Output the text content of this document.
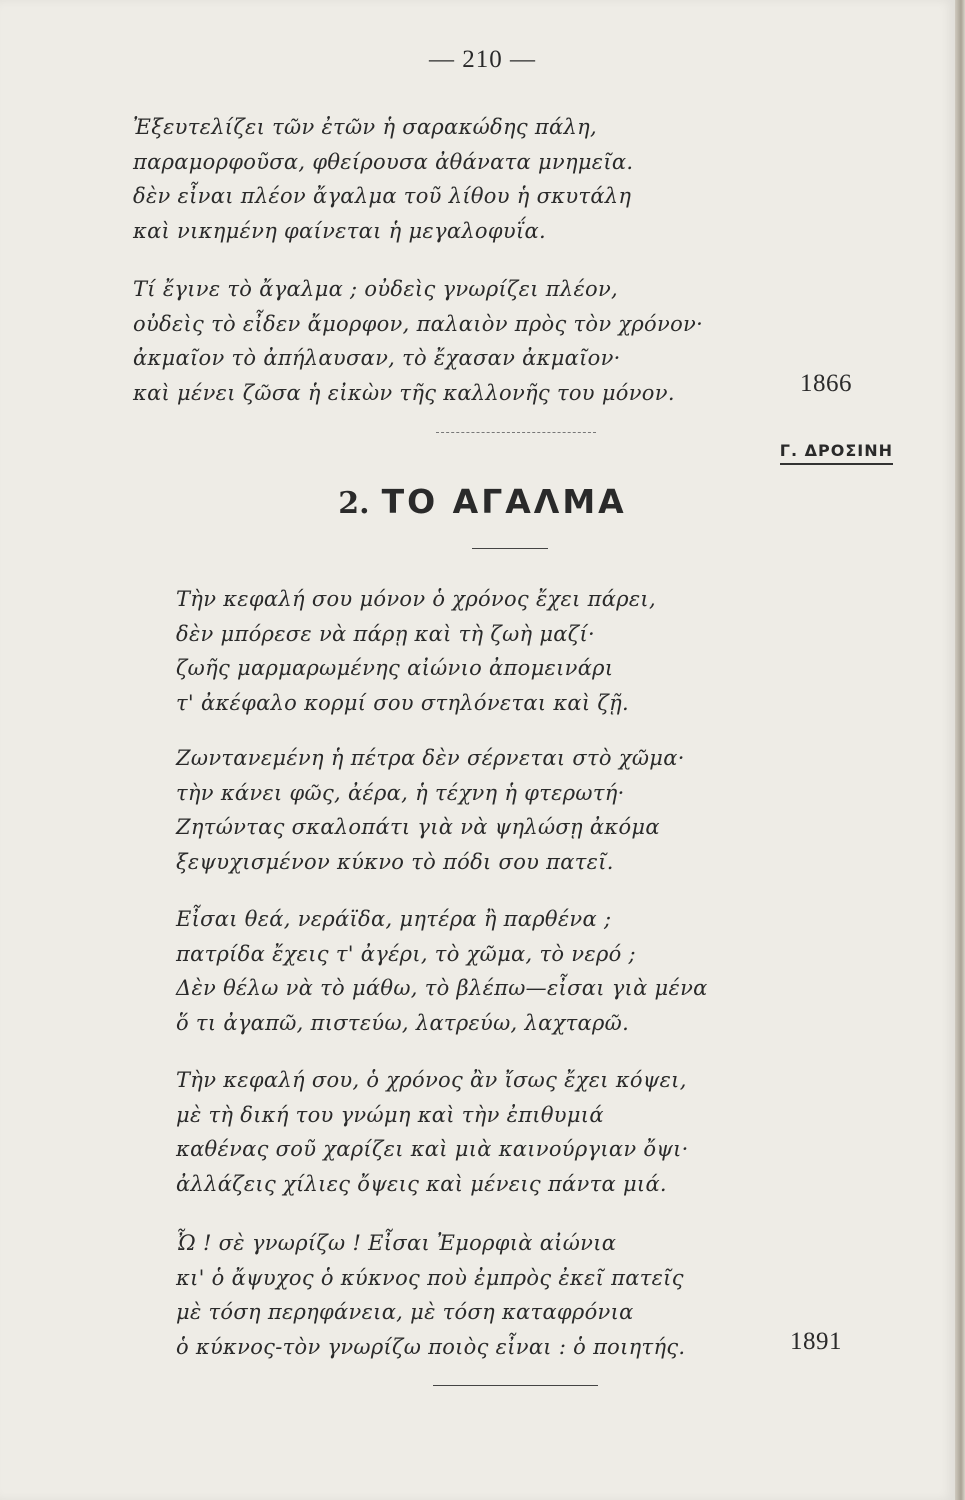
— 210 —
Ἐξευτελίζει τῶν ἐτῶν ἡ σαρακώδης πάλη,
παραμορφοῦσα, φθείρουσα ἀθάνατα μνημεῖα.
δὲν εἶναι πλέον ἄγαλμα τοῦ λίθου ἡ σκυτάλη
καὶ νικημένη φαίνεται ἡ μεγαλοφυΐα.
Τί ἔγινε τὸ ἄγαλμα ; οὐδεὶς γνωρίζει πλέον,
οὐδεὶς τὸ εἶδεν ἄμορφον, παλαιὸν πρὸς τὸν χρόνον·
ἀκμαῖον τὸ ἀπήλαυσαν, τὸ ἔχασαν ἀκμαῖον·
καὶ μένει ζῶσα ἡ εἰκὼν τῆς καλλονῆς του μόνον.	1866
Γ. ΔΡΟΣΙΝΗ
2. ΤΟ ΑΓΑΛΜΑ
Τὴν κεφαλή σου μόνον ὁ χρόνος ἔχει πάρει,
δὲν μπόρεσε νὰ πάρῃ καὶ τὴ ζωὴ μαζί·
ζωῆς μαρμαρωμένης αἰώνιο ἀπομεινάρι
τ' ἀκέφαλο κορμί σου στηλόνεται καὶ ζῇ.
Ζωντανεμένη ἡ πέτρα δὲν σέρνεται στὸ χῶμα·
τὴν κάνει φῶς, ἀέρα, ἡ τέχνη ἡ φτερωτή·
Ζητώντας σκαλοπάτι γιὰ νὰ ψηλώσῃ ἀκόμα
ξεψυχισμένον κύκνο τὸ πόδι σου πατεῖ.
Εἶσαι θεά, νεράϊδα, μητέρα ἢ παρθένα ;
πατρίδα ἔχεις τ' ἀγέρι, τὸ χῶμα, τὸ νερό ;
Δὲν θέλω νὰ τὸ μάθω, τὸ βλέπω—εἶσαι γιὰ μένα
ὅ τι ἀγαπῶ, πιστεύω, λατρεύω, λαχταρῶ.
Τὴν κεφαλή σου, ὁ χρόνος ἂν ἴσως ἔχει κόψει,
μὲ τὴ δική του γνώμη καὶ τὴν ἐπιθυμιά
καθένας σοῦ χαρίζει καὶ μιὰ καινούργιαν ὄψι·
ἀλλάζεις χίλιες ὄψεις καὶ μένεις πάντα μιά.
Ὦ ! σὲ γνωρίζω ! Εἶσαι Ἐμορφιὰ αἰώνια
κι' ὁ ἄψυχος ὁ κύκνος ποὺ ἐμπρὸς ἐκεῖ πατεῖς
μὲ τόση περηφάνεια, μὲ τόση καταφρόνια
ὁ κύκνος-τὸν γνωρίζω ποιὸς εἶναι : ὁ ποιητής.	1891
